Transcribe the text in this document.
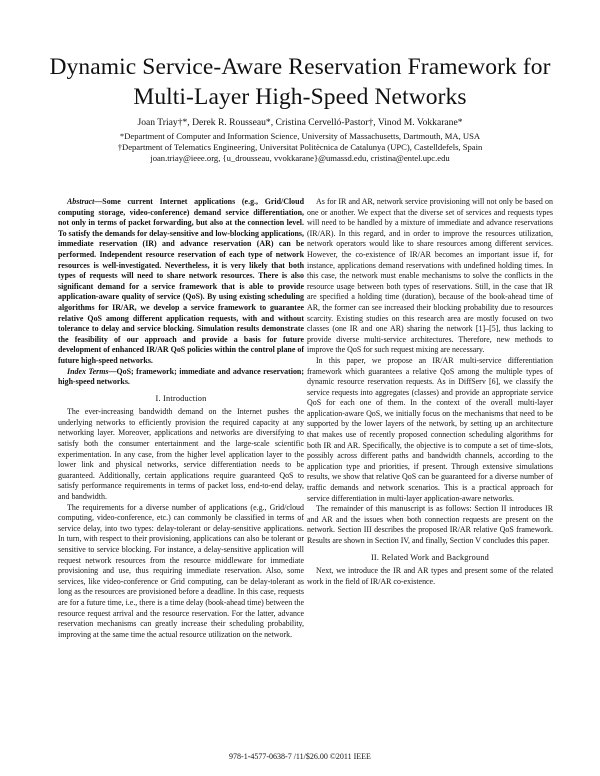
Dynamic Service-Aware Reservation Framework for
Multi-Layer High-Speed Networks
Joan Triay†*, Derek R. Rousseau*, Cristina Cervelló-Pastor†, Vinod M. Vokkarane*
*Department of Computer and Information Science, University of Massachusetts, Dartmouth, MA, USA
†Department of Telematics Engineering, Universitat Politècnica de Catalunya (UPC), Castelldefels, Spain
joan.triay@ieee.org, {u_drousseau, vvokkarane}@umassd.edu, cristina@entel.upc.edu

Abstract—Some current Internet applications (e.g., Grid/Cloud computing storage, video-conference) demand service differentiation, not only in terms of packet forwarding, but also at the connection level. To satisfy the demands for delay-sensitive and low-blocking applications, immediate reservation (IR) and advance reservation (AR) can be performed. Independent resource reservation of each type of network resources is well-investigated. Nevertheless, it is very likely that both types of requests will need to share network resources. There is also significant demand for a service framework that is able to provide application-aware quality of service (QoS). By using existing scheduling algorithms for IR/AR, we develop a service framework to guarantee relative QoS among different application requests, with and without tolerance to delay and service blocking. Simulation results demonstrate the feasibility of our approach and provide a basis for future development of enhanced IR/AR QoS policies within the control plane of future high-speed networks.

Index Terms—QoS; framework; immediate and advance reservation; high-speed networks.

I. Introduction

The ever-increasing bandwidth demand on the Internet pushes the underlying networks to efficiently provision the required capacity at any networking layer. Moreover, applications and networks are diversifying to satisfy both the consumer entertainment and the large-scale scientific experimentation. In any case, from the higher level application layer to the lower link and physical networks, service differentiation needs to be guaranteed. Additionally, certain applications require guaranteed QoS to satisfy performance requirements in terms of packet loss, end-to-end delay, and bandwidth.

The requirements for a diverse number of applications (e.g., Grid/cloud computing, video-conference, etc.) can commonly be classified in terms of service delay, into two types: delay-tolerant or delay-sensitive applications. In turn, with respect to their provisioning, applications can also be tolerant or sensitive to service blocking. For instance, a delay-sensitive application will request network resources from the resource middleware for immediate provisioning and use, thus requiring immediate reservation. Also, some services, like video-conference or Grid computing, can be delay-tolerant as long as the resources are provisioned before a deadline. In this case, requests are for a future time, i.e., there is a time delay (book-ahead time) between the resource request arrival and the resource reservation. For the latter, advance reservation mechanisms can greatly increase their scheduling probability, improving at the same time the actual resource utilization on the network.

As for IR and AR, network service provisioning will not only be based on one or another. We expect that the diverse set of services and requests types will need to be handled by a mixture of immediate and advance reservations (IR/AR). In this regard, and in order to improve the resources utilization, network operators would like to share resources among different services. However, the co-existence of IR/AR becomes an important issue if, for instance, applications demand reservations with undefined holding times. In this case, the network must enable mechanisms to solve the conflicts in the resource usage between both types of reservations. Still, in the case that IR are specified a holding time (duration), because of the book-ahead time of AR, the former can see increased their blocking probability due to resources scarcity. Existing studies on this research area are mostly focused on two classes (one IR and one AR) sharing the network [1]–[5], thus lacking to provide diverse multi-service architectures. Therefore, new methods to improve the QoS for such request mixing are necessary.

In this paper, we propose an IR/AR multi-service differentiation framework which guarantees a relative QoS among the multiple types of dynamic resource reservation requests. As in DiffServ [6], we classify the service requests into aggregates (classes) and provide an appropriate service QoS for each one of them. In the context of the overall multi-layer application-aware QoS, we initially focus on the mechanisms that need to be supported by the lower layers of the network, by setting up an architecture that makes use of recently proposed connection scheduling algorithms for both IR and AR. Specifically, the objective is to compute a set of time-slots, possibly across different paths and bandwidth channels, according to the application type and priorities, if present. Through extensive simulations results, we show that relative QoS can be guaranteed for a diverse number of traffic demands and network scenarios. This is a practical approach for service differentiation in multi-layer application-aware networks.

The remainder of this manuscript is as follows: Section II introduces IR and AR and the issues when both connection requests are present on the network. Section III describes the proposed IR/AR relative QoS framework. Results are shown in Section IV, and finally, Section V concludes this paper.

II. Related Work and Background

Next, we introduce the IR and AR types and present some of the related work in the field of IR/AR co-existence.

978-1-4577-0638-7 /11/$26.00 ©2011 IEEE
